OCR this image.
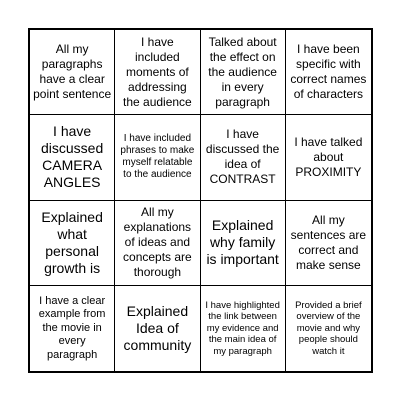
All my paragraphs have a clear point sentence
I have included moments of addressing the audience
Talked about the effect on the audience in every paragraph
I have been specific with correct names of characters
I have discussed CAMERA ANGLES
I have included phrases to make myself relatable to the audience
I have discussed the idea of CONTRAST
I have talked about PROXIMITY
Explained what personal growth is
All my explanations of ideas and concepts are thorough
Explained why family is important
All my sentences are correct and make sense
I have a clear example from the movie in every paragraph
Explained Idea of community
I have highlighted the link between my evidence and the main idea of my paragraph
Provided a brief overview of the movie and why people should watch it
